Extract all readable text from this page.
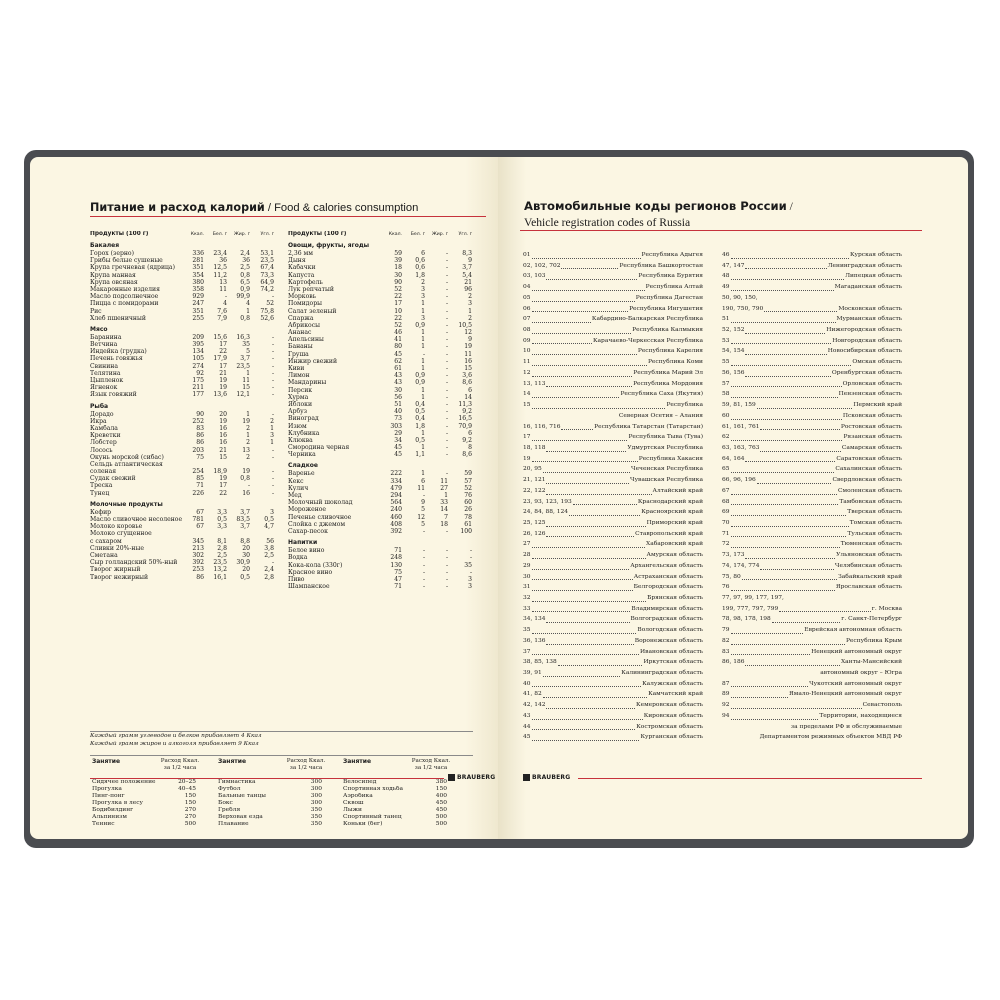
Питание и расход калорий / Food & calories consumption
Продукты (100 г)	Ккал.	Бел. г	Жир. г	Угл. г
Бакалея
Горох (зерно)	336	23,4	2,4	53,1
Грибы белые сушеные	281	36	36	23,5
Крупа гречневая (ядрица)	351	12,5	2,5	67,4
Крупа манная	354	11,2	0,8	73,3
Крупа овсяная	380	13	6,5	64,9
Макаронные изделия	358	11	0,9	74,2
Масло подсолнечное	929	-	99,9	-
Пицца с помидорами	247	4	4	52
Рис	351	7,6	1	75,8
Хлеб пшеничный	255	7,9	0,8	52,6
Мясо
Баранина	209	15,6	16,3	-
Ветчина	395	17	35	-
Индейка (грудка)	134	22	5	-
Печень говяжья	105	17,9	3,7	-
Свинина	274	17	23,5	-
Телятина	92	21	1	-
Цыпленок	175	19	11	-
Ягненок	211	19	15	-
Язык говяжий	177	13,6	12,1	-
Рыба
Дорадо	90	20	1	-
Икра	252	19	19	2
Камбала	83	16	2	1
Креветки	86	16	1	3
Лобстер	86	16	2	1
Лосось	203	21	13	-
Окунь морской (сибас)	75	15	2	-
Сельдь атлантическая
соленая	254	18,9	19	-
Судак свежий	85	19	0,8	-
Треска	71	17	-	-
Тунец	226	22	16	-
Молочные продукты
Кефир	67	3,3	3,7	3
Масло сливочное несоленое	781	0,5	83,5	0,5
Молоко коровье	67	3,3	3,7	4,7
Молоко сгущенное
с сахаром	345	8,1	8,8	56
Сливки 20%-ные	213	2,8	20	3,8
Сметана	302	2,5	30	2,5
Сыр голландский 50%-ный	392	23,5	30,9	-
Творог жирный	253	13,2	20	2,4
Творог нежирный	86	16,1	0,5	2,8
Продукты (100 г)	Ккал.	Бел. г	Жир. г	Угл. г
Овощи, фрукты, ягоды
2,36 мм	59	6	-	8,3
Дыня	39	0,6	-	9
Кабачки	18	0,6	-	3,7
Капуста	30	1,8	-	5,4
Картофель	90	2	-	21
Лук репчатый	52	3	-	96
Морковь	22	3	-	2
Помидоры	17	1	-	3
Салат зеленый	10	1	-	1
Спаржа	22	3	-	2
Абрикосы	52	0,9	-	10,5
Ананас	46	1	-	12
Апельсины	41	1	-	9
Бананы	80	1	-	19
Груша	45	-	-	11
Инжир свежий	62	1	-	16
Киви	61	1	-	15
Лимон	43	0,9	-	3,6
Мандарины	43	0,9	-	8,6
Персик	30	1	-	6
Хурма	56	1	-	14
Яблоки	51	0,4	-	11,3
Арбуз	40	0,5	-	9,2
Виноград	73	0,4	-	16,5
Изюм	303	1,8	-	70,9
Клубника	29	1	-	6
Клюква	34	0,5	-	9,2
Смородина черная	45	1	-	8
Черника	45	1,1	-	8,6
Сладкое
Варенье	222	1	-	59
Кекс	334	6	11	57
Кулич	479	11	27	52
Мед	294	-	1	76
Молочный шоколад	564	9	33	60
Мороженое	240	5	14	26
Печенье сливочное	460	12	7	78
Слойка с джемом	408	5	18	61
Сахар-песок	392	-	-	100
Напитки
Белое вино	71	-	-	-
Водка	248	-	-	-
Кока-кола (330г)	130	-	-	35
Красное вино	75	-	-	-
Пиво	47	-	-	3
Шампанское	71	-	-	3
Каждый грамм углеводов и белков прибавляет 4 Ккал
Каждый грамм жиров и алкоголя прибавляет 9 Ккал
Занятие	Расход Ккал. за 1/2 часа
Сидячее положение	20–25
Прогулка	40–45
Пинг-понг	150
Прогулка в лесу	150
Бодибилдинг	270
Альпинизм	270
Теннис	500
Занятие	Расход Ккал. за 1/2 часа
Гимнастика	300
Футбол	300
Бальные танцы	300
Бокс	300
Гребля	350
Верховая езда	350
Плавание	350
Занятие	Расход Ккал. за 1/2 часа
Велосипед	380
Спортивная ходьба	150
Аэробика	400
Сквош	450
Лыжи	450
Спортивный танец	500
Коньки (бег)	500
BRAUBERG
Автомобильные коды регионов России /
Vehicle registration codes of Russia
01	Республика Адыгея
02, 102, 702	Республика Башкортостан
03, 103	Республика Бурятия
04	Республика Алтай
05	Республика Дагестан
06	Республика Ингушетия
07	Кабардино-Балкарская Республика
08	Республика Калмыкия
09	Карачаево-Черкесская Республика
10	Республика Карелия
11	Республика Коми
12	Республика Марий Эл
13, 113	Республика Мордовия
14	Республика Саха (Якутия)
15	Республика
Северная Осетия – Алания
16, 116, 716	Республика Татарстан (Татарстан)
17	Республика Тыва (Тува)
18, 118	Удмуртская Республика
19	Республика Хакасия
20, 95	Чеченская Республика
21, 121	Чувашская Республика
22, 122	Алтайский край
23, 93, 123, 193	Краснодарский край
24, 84, 88, 124	Красноярский край
25, 125	Приморский край
26, 126	Ставропольский край
27	Хабаровский край
28	Амурская область
29	Архангельская область
30	Астраханская область
31	Белгородская область
32	Брянская область
33	Владимирская область
34, 134	Волгоградская область
35	Вологодская область
36, 136	Воронежская область
37	Ивановская область
38, 85, 138	Иркутская область
39, 91	Калининградская область
40	Калужская область
41, 82	Камчатский край
42, 142	Кемеровская область
43	Кировская область
44	Костромская область
45	Курганская область
46	Курская область
47, 147	Ленинградская область
48	Липецкая область
49	Магаданская область
50, 90, 150,
190, 750, 790	Московская область
51	Мурманская область
52, 152	Нижегородская область
53	Новгородская область
54, 154	Новосибирская область
55	Омская область
56, 156	Оренбургская область
57	Орловская область
58	Пензенская область
59, 81, 159	Пермский край
60	Псковская область
61, 161, 761	Ростовская область
62	Рязанская область
63, 163, 763	Самарская область
64, 164	Саратовская область
65	Сахалинская область
66, 96, 196	Свердловская область
67	Смоленская область
68	Тамбовская область
69	Тверская область
70	Томская область
71	Тульская область
72	Тюменская область
73, 173	Ульяновская область
74, 174, 774	Челябинская область
75, 80	Забайкальский край
76	Ярославская область
77, 97, 99, 177, 197,
199, 777, 797, 799	г. Москва
78, 98, 178, 198	г. Санкт-Петербург
79	Еврейская автономная область
82	Республика Крым
83	Ненецкий автономный округ
86, 186	Ханты-Мансийский
автономный округ – Югра
87	Чукотский автономный округ
89	Ямало-Ненецкий автономный округ
92	Севастополь
94	Территории, находящиеся
за пределами РФ и обслуживаемые
Департаментом режимных объектов МВД РФ
BRAUBERG
